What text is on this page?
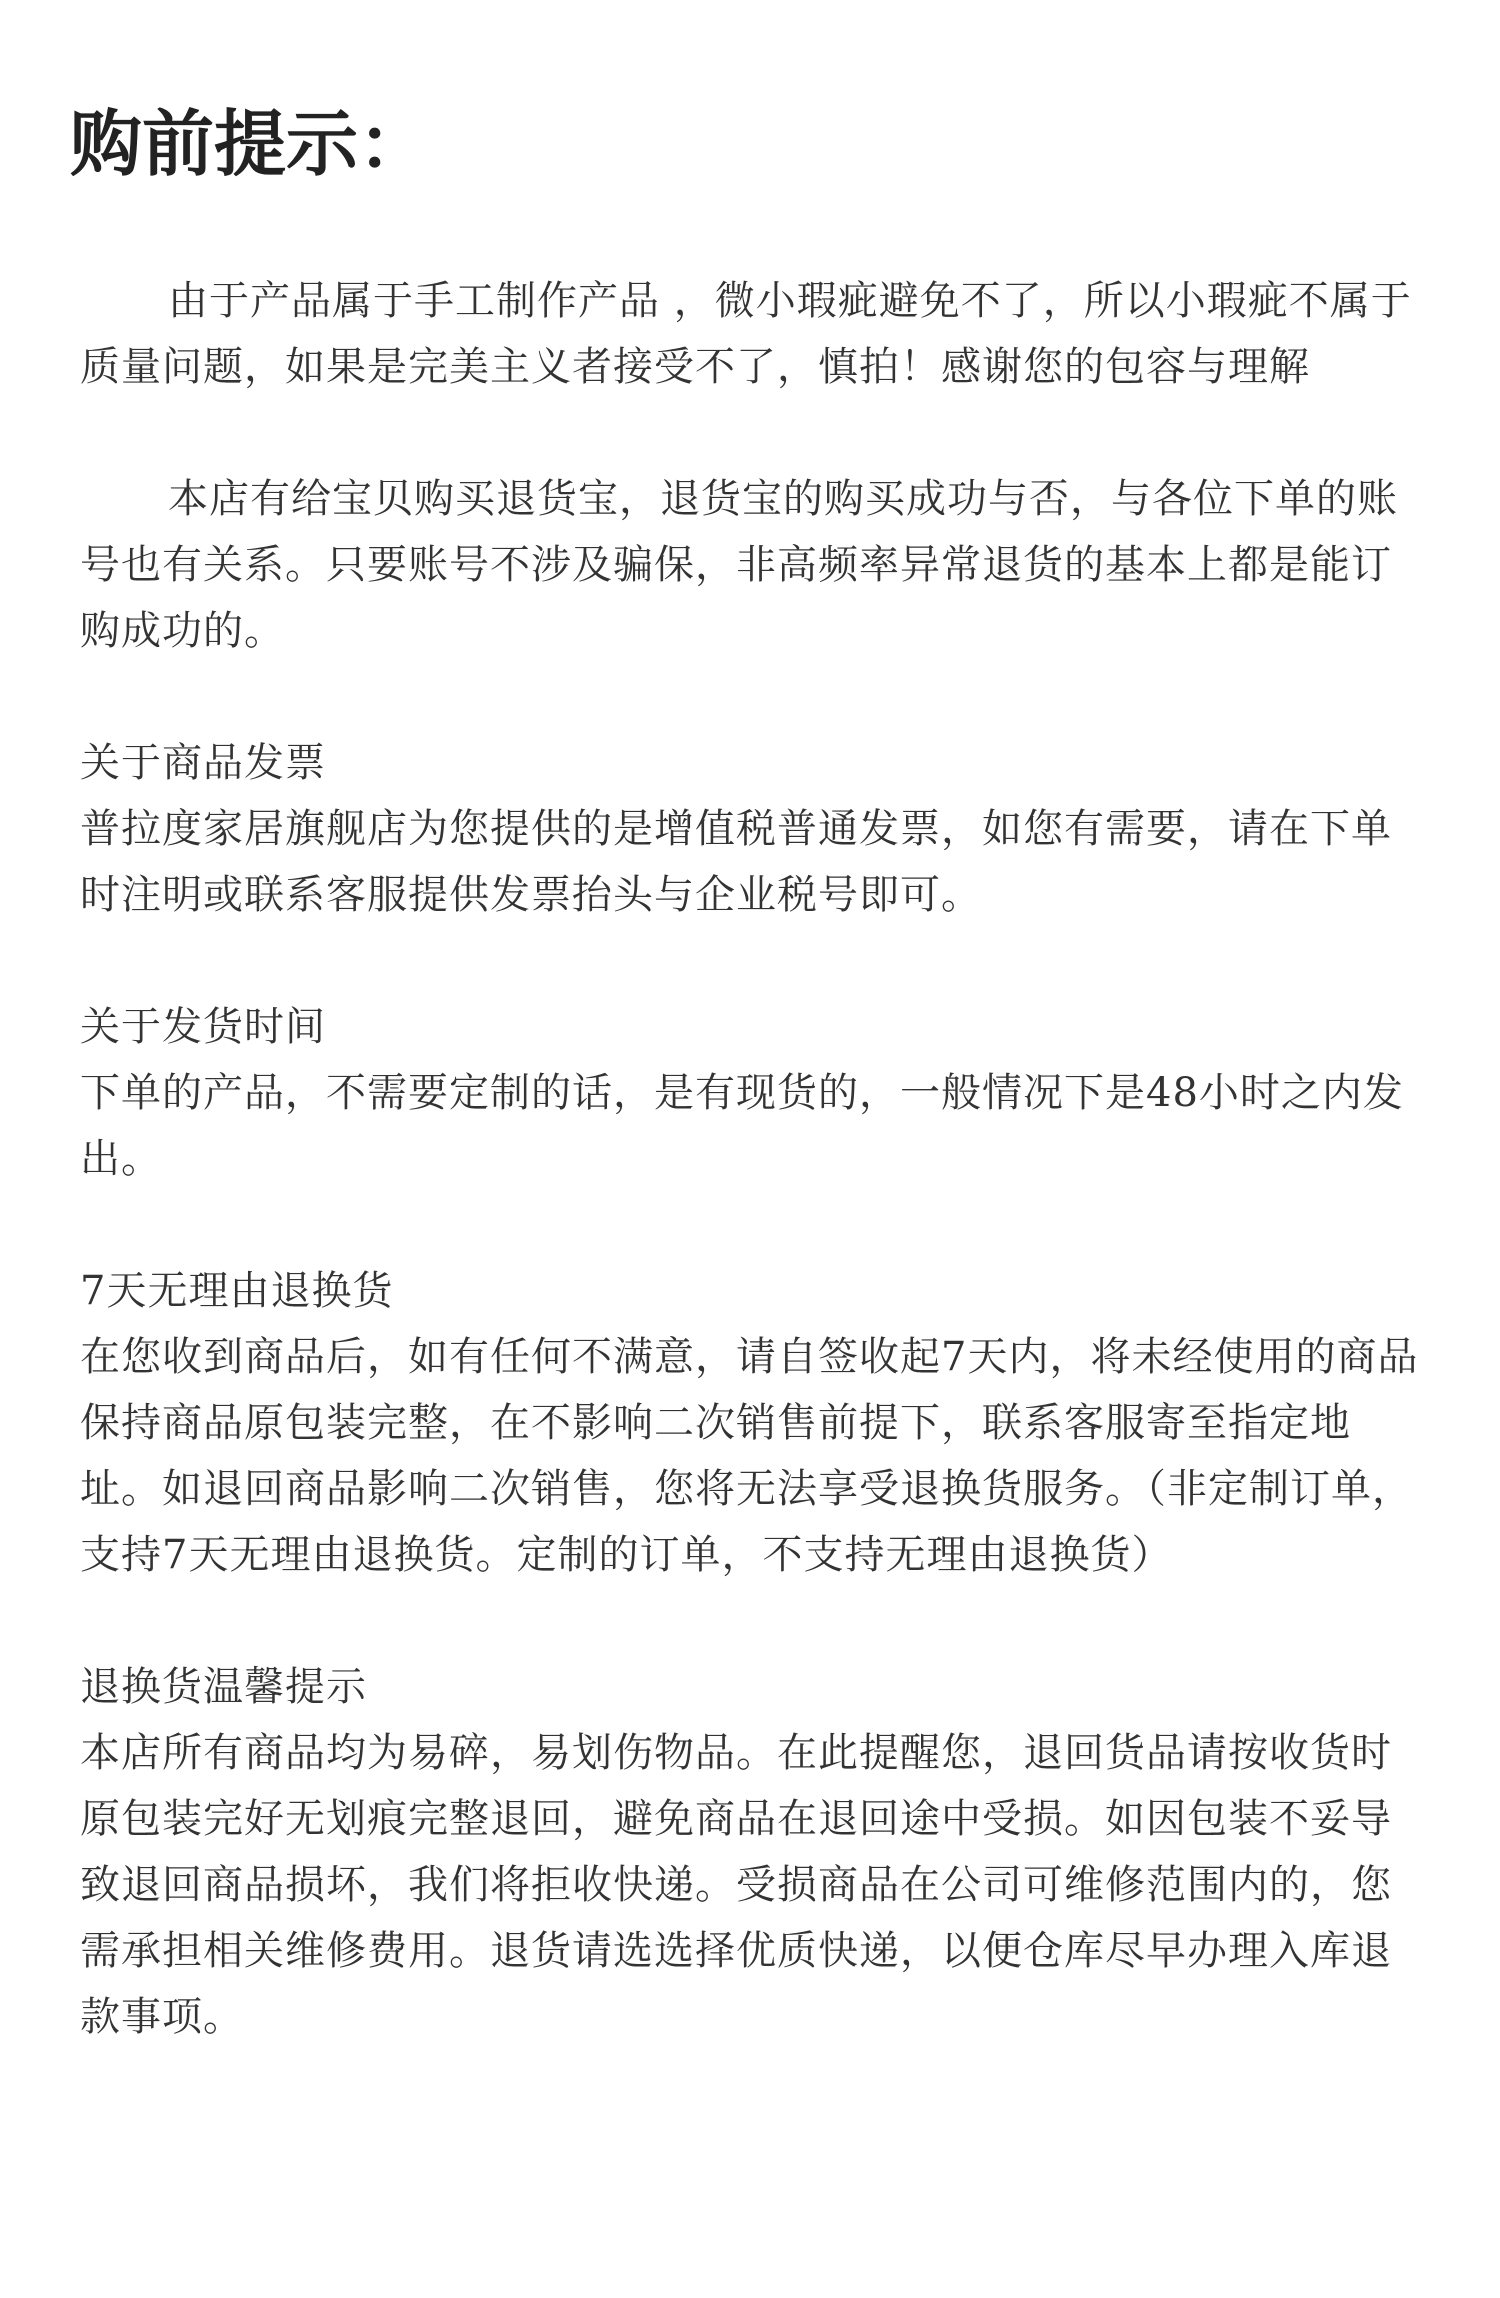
购前提示：

由于产品属于手工制作产品 ，微小瑕疵避免不了，所以小瑕疵不属于质量问题，如果是完美主义者接受不了，慎拍！感谢您的包容与理解

本店有给宝贝购买退货宝，退货宝的购买成功与否，与各位下单的账号也有关系。只要账号不涉及骗保，非高频率异常退货的基本上都是能订购成功的。

关于商品发票

普拉度家居旗舰店为您提供的是增值税普通发票，如您有需要，请在下单时注明或联系客服提供发票抬头与企业税号即可。

关于发货时间

下单的产品，不需要定制的话，是有现货的，一般情况下是48小时之内发出。

7天无理由退换货

在您收到商品后，如有任何不满意，请自签收起7天内，将未经使用的商品保持商品原包装完整，在不影响二次销售前提下，联系客服寄至指定地址。如退回商品影响二次销售，您将无法享受退换货服务。（非定制订单，支持7天无理由退换货。定制的订单，不支持无理由退换货）

退换货温馨提示

本店所有商品均为易碎，易划伤物品。在此提醒您，退回货品请按收货时原包装完好无划痕完整退回，避免商品在退回途中受损。如因包装不妥导致退回商品损坏，我们将拒收快递。受损商品在公司可维修范围内的，您需承担相关维修费用。退货请选选择优质快递，以便仓库尽早办理入库退款事项。
